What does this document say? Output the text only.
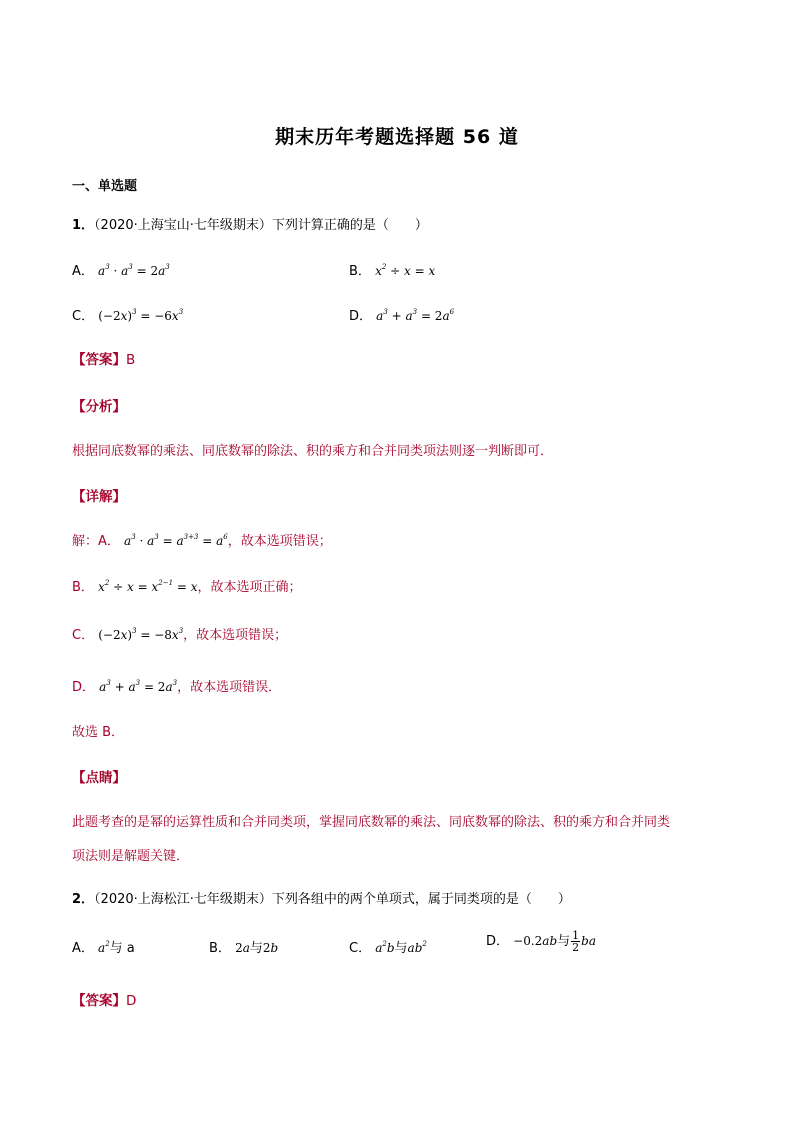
期末历年考题选择题 56 道
一、单选题
1．（2020·上海宝山·七年级期末）下列计算正确的是（　　）
A． $a^3 \cdot a^3 = 2a^3$	B． $x^2 \div x = x$
C． $(-2x)^3 = -6x^3$	D． $a^3 + a^3 = 2a^6$
【答案】B
【分析】
根据同底数幂的乘法、同底数幂的除法、积的乘方和合并同类项法则逐一判断即可．
【详解】
解：A． $a^3 \cdot a^3 = a^{3+3} = a^6$，故本选项错误；
B． $x^2 \div x = x^{2-1} = x$，故本选项正确；
C． $(-2x)^3 = -8x^3$，故本选项错误；
D． $a^3 + a^3 = 2a^3$，故本选项错误．
故选 B．
【点睛】
此题考查的是幂的运算性质和合并同类项，掌握同底数幂的乘法、同底数幂的除法、积的乘方和合并同类
项法则是解题关键．
2．（2020·上海松江·七年级期末）下列各组中的两个单项式，属于同类项的是（　　）
A． $a^2$与 a	B． 2a与2b	C． $a^2b$与$ab^2$	D． −0.2ab与 $\frac{1}{2}$ ba
【答案】D
